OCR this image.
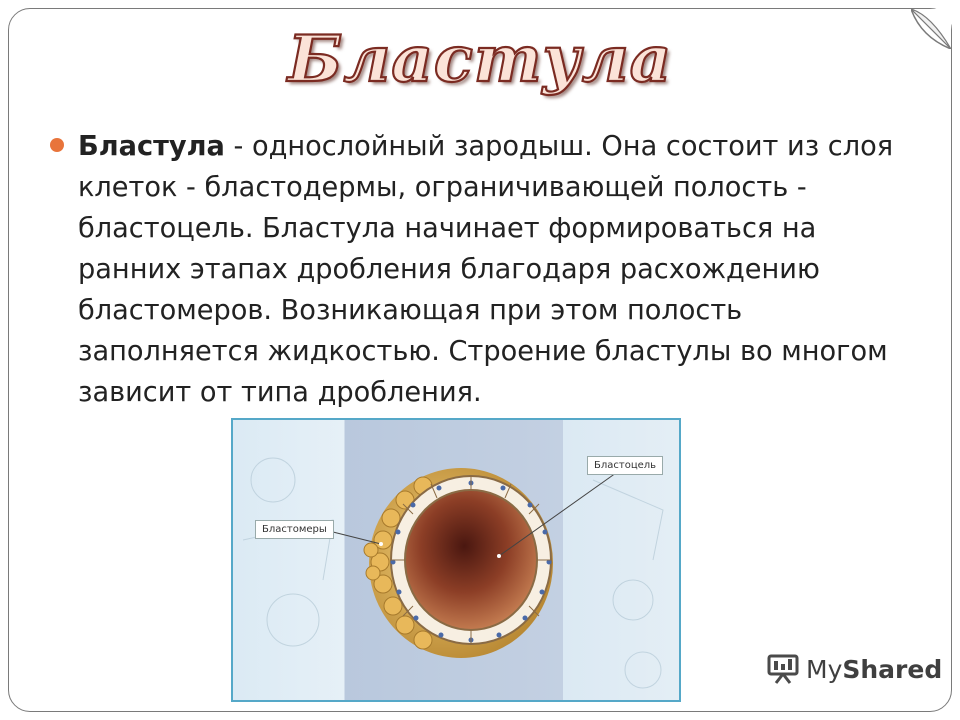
Бластула
Бластула - однослойный зародыш. Она состоит из слоя клеток - бластодермы, ограничивающей полость - бластоцель. Бластула начинает формироваться на ранних этапах дробления благодаря расхождению бластомеров. Возникающая при этом полость заполняется жидкостью. Строение бластулы во многом зависит от типа дробления.
Бластомеры
Бластоцель
MyShared
